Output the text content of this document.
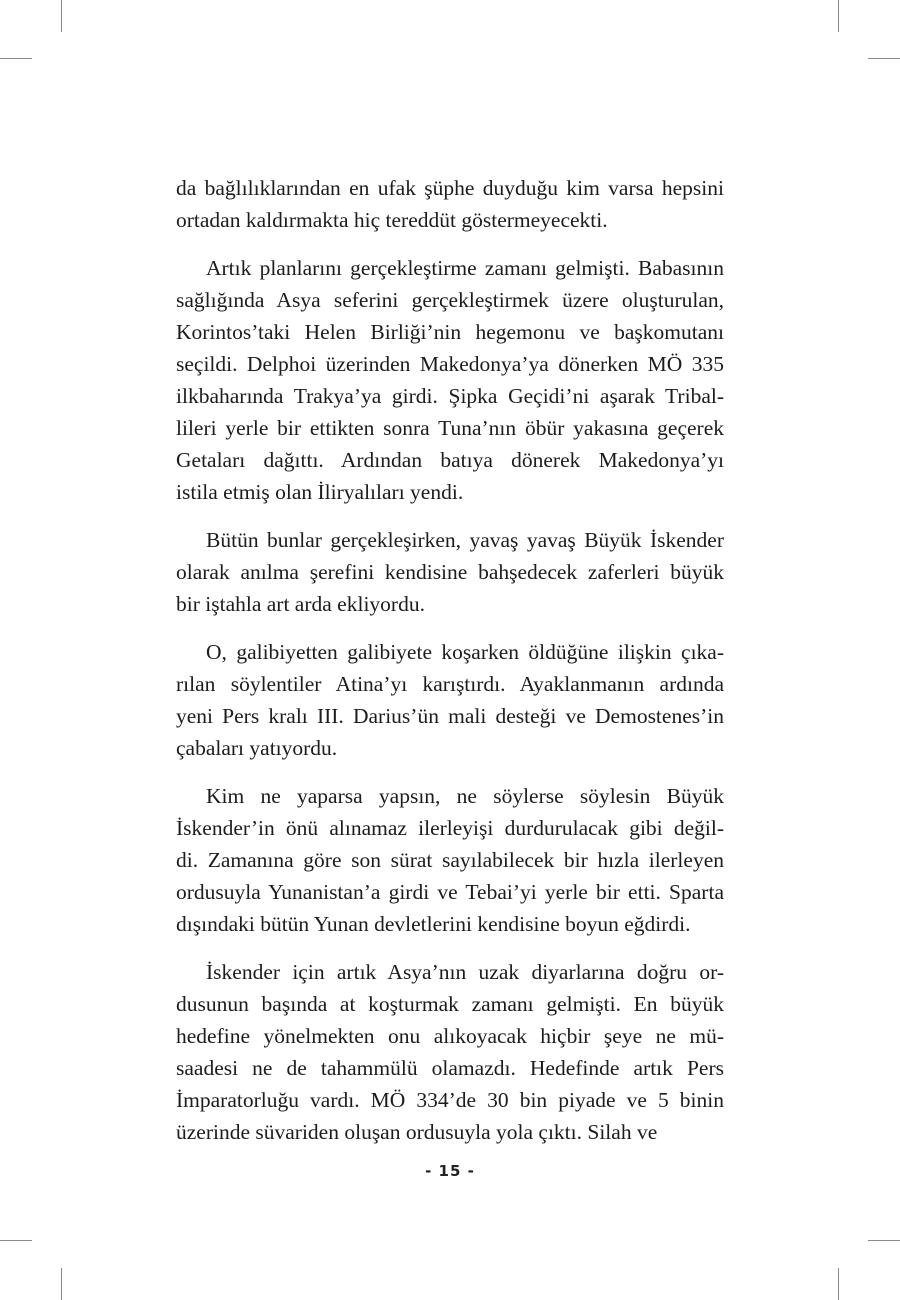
da bağlılıklarından en ufak şüphe duyduğu kim varsa hepsini
ortadan kaldırmakta hiç tereddüt göstermeyecekti.
Artık planlarını gerçekleştirme zamanı gelmişti. Babasının
sağlığında Asya seferini gerçekleştirmek üzere oluşturulan,
Korintos’taki Helen Birliği’nin hegemonu ve başkomutanı
seçildi. Delphoi üzerinden Makedonya’ya dönerken MÖ 335
ilkbaharında Trakya’ya girdi. Şipka Geçidi’ni aşarak Tribal-
lileri yerle bir ettikten sonra Tuna’nın öbür yakasına geçerek
Getaları dağıttı. Ardından batıya dönerek Makedonya’yı
istila etmiş olan İliryalıları yendi.
Bütün bunlar gerçekleşirken, yavaş yavaş Büyük İskender
olarak anılma şerefini kendisine bahşedecek zaferleri büyük
bir iştahla art arda ekliyordu.
O, galibiyetten galibiyete koşarken öldüğüne ilişkin çıka-
rılan söylentiler Atina’yı karıştırdı. Ayaklanmanın ardında
yeni Pers kralı III. Darius’ün mali desteği ve Demostenes’in
çabaları yatıyordu.
Kim ne yaparsa yapsın, ne söylerse söylesin Büyük
İskender’in önü alınamaz ilerleyişi durdurulacak gibi değil-
di. Zamanına göre son sürat sayılabilecek bir hızla ilerleyen
ordusuyla Yunanistan’a girdi ve Tebai’yi yerle bir etti. Sparta
dışındaki bütün Yunan devletlerini kendisine boyun eğdirdi.
İskender için artık Asya’nın uzak diyarlarına doğru or-
dusunun başında at koşturmak zamanı gelmişti. En büyük
hedefine yönelmekten onu alıkoyacak hiçbir şeye ne mü-
saadesi ne de tahammülü olamazdı. Hedefinde artık Pers
İmparatorluğu vardı. MÖ 334’de 30 bin piyade ve 5 binin
üzerinde süvariden oluşan ordusuyla yola çıktı. Silah ve
- 15 -
